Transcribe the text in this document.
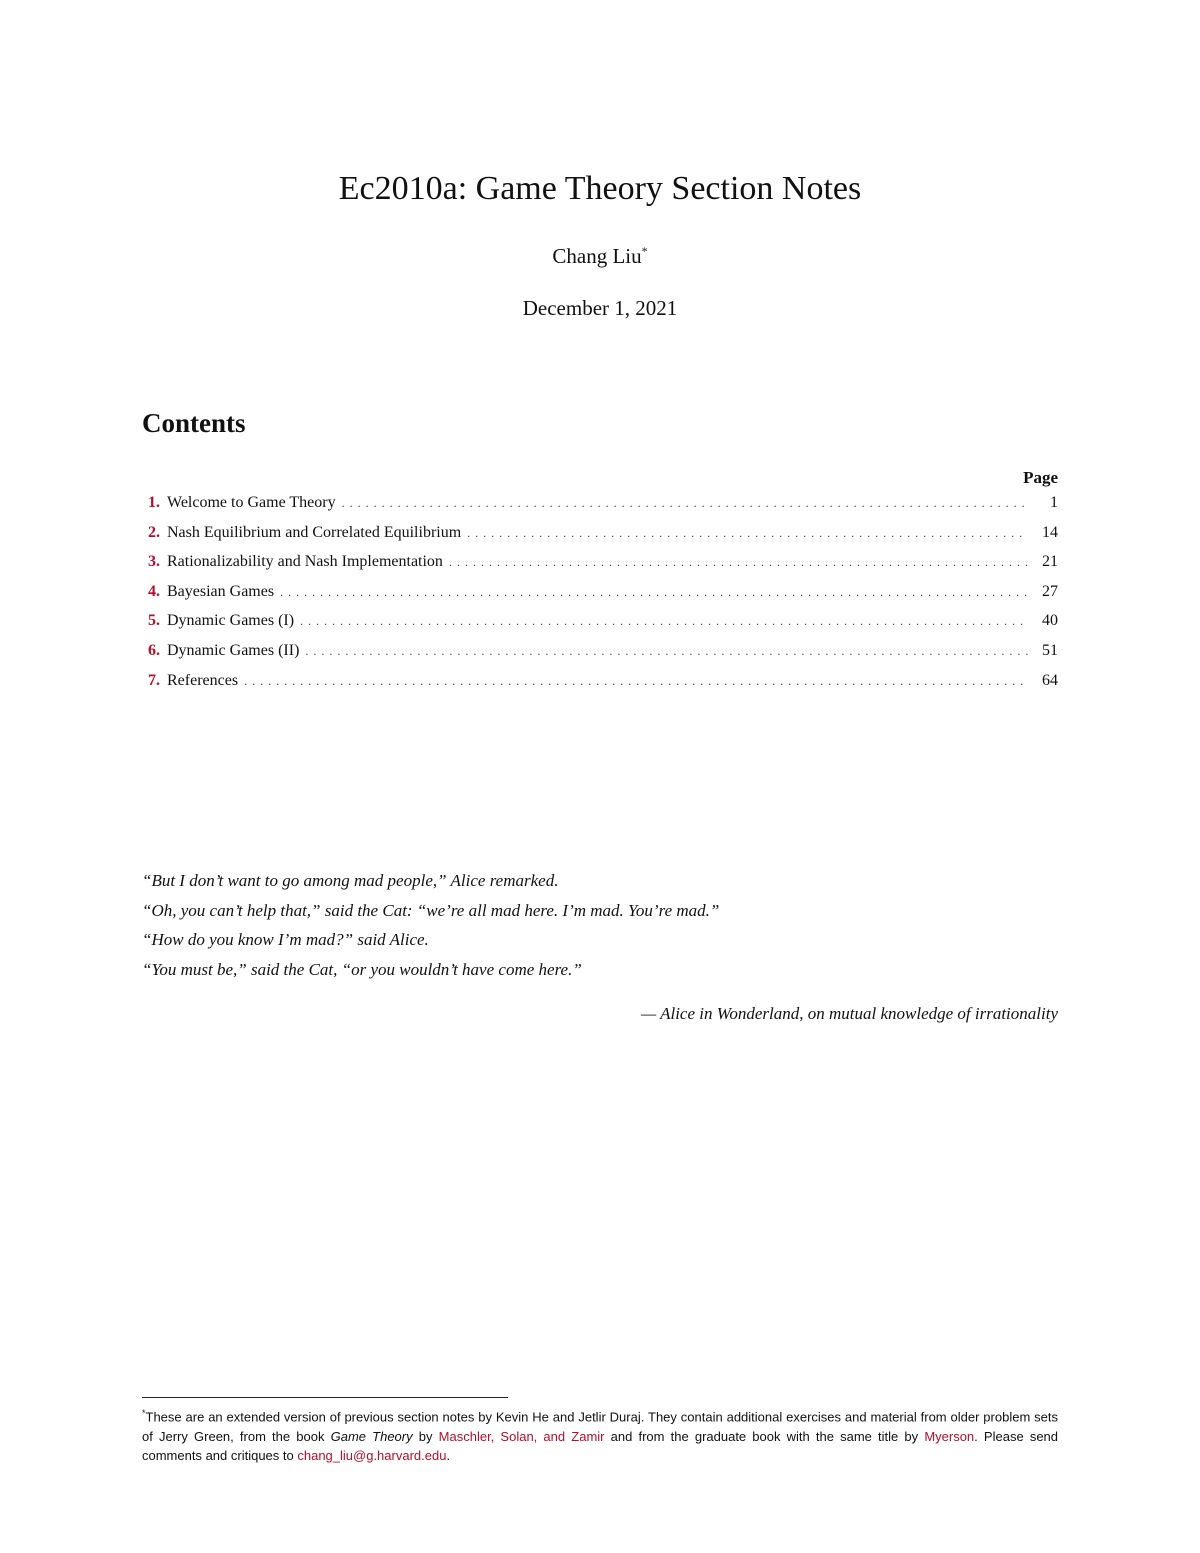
Ec2010a: Game Theory Section Notes
Chang Liu*
December 1, 2021
Contents
Page
1. Welcome to Game Theory . . .	1
2. Nash Equilibrium and Correlated Equilibrium . . .	14
3. Rationalizability and Nash Implementation . . .	21
4. Bayesian Games . . .	27
5. Dynamic Games (I) . . .	40
6. Dynamic Games (II) . . .	51
7. References . . .	64
“But I don’t want to go among mad people,” Alice remarked.
“Oh, you can’t help that,” said the Cat: “we’re all mad here. I’m mad. You’re mad.”
“How do you know I’m mad?” said Alice.
“You must be,” said the Cat, “or you wouldn’t have come here.”
— Alice in Wonderland, on mutual knowledge of irrationality
*These are an extended version of previous section notes by Kevin He and Jetlir Duraj. They contain additional exercises and material from older problem sets of Jerry Green, from the book Game Theory by Maschler, Solan, and Zamir and from the graduate book with the same title by Myerson. Please send comments and critiques to chang_liu@g.harvard.edu.
